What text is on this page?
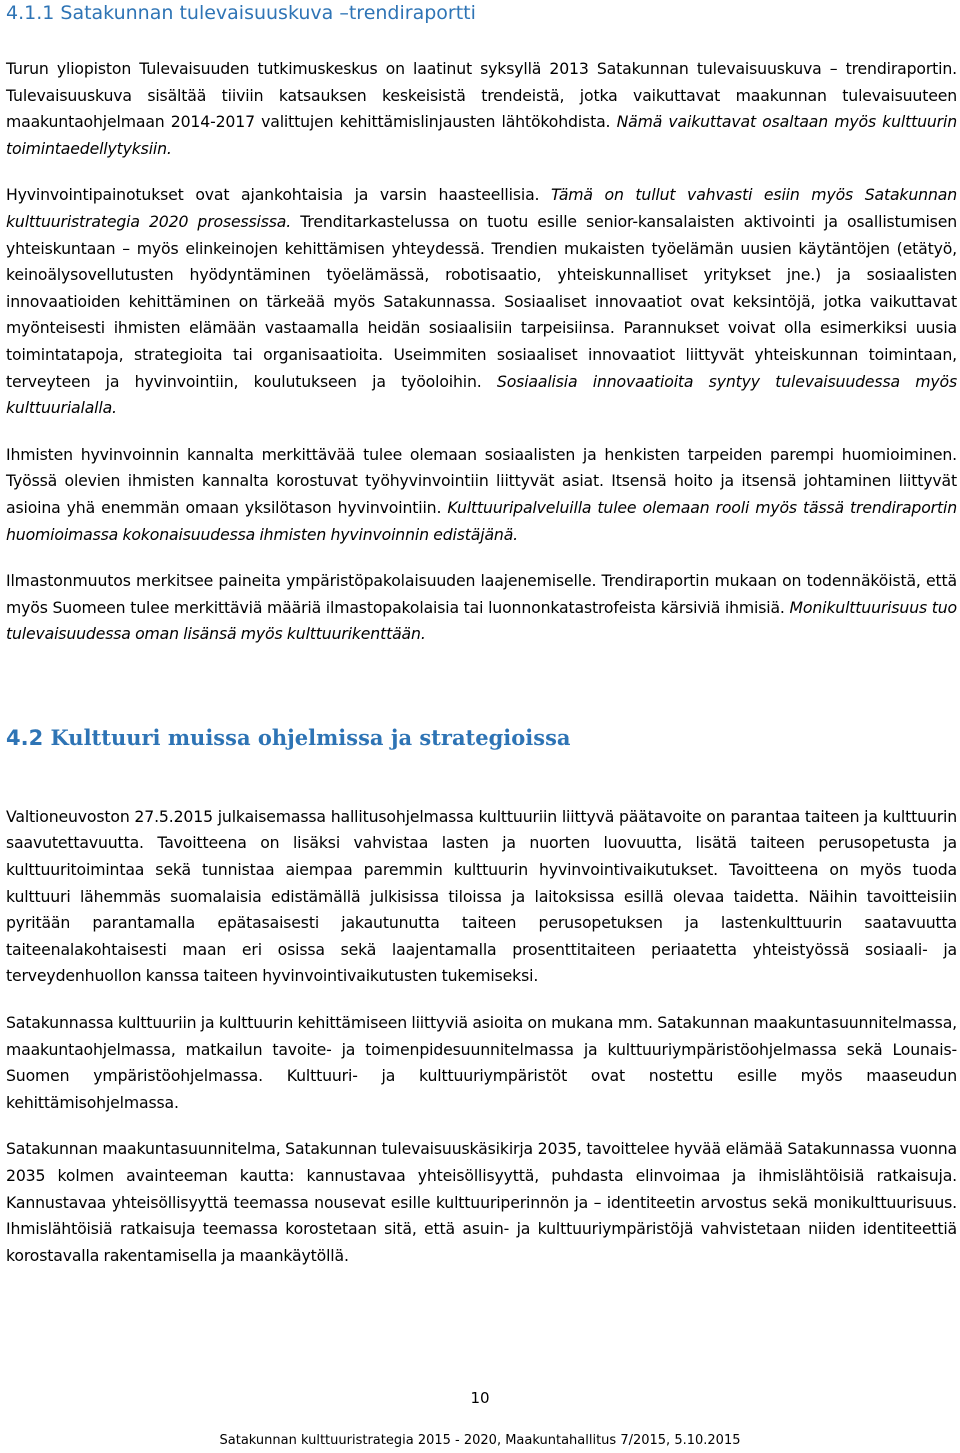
4.1.1 Satakunnan tulevaisuuskuva –trendiraportti

Turun yliopiston Tulevaisuuden tutkimuskeskus on laatinut syksyllä 2013 Satakunnan tulevaisuuskuva – trendiraportin. Tulevaisuuskuva sisältää tiiviin katsauksen keskeisistä trendeistä, jotka vaikuttavat maakunnan tulevaisuuteen maakuntaohjelmaan 2014-2017 valittujen kehittämislinjausten lähtökohdista. Nämä vaikuttavat osaltaan myös kulttuurin toimintaedellytyksiin.

Hyvinvointipainotukset ovat ajankohtaisia ja varsin haasteellisia. Tämä on tullut vahvasti esiin myös Satakunnan kulttuuristrategia 2020 prosessissa. Trenditarkastelussa on tuotu esille senior-kansalaisten aktivointi ja osallistumisen yhteiskuntaan – myös elinkeinojen kehittämisen yhteydessä. Trendien mukaisten työelämän uusien käytäntöjen (etätyö, keinoälysovellutusten hyödyntäminen työelämässä, robotisaatio, yhteiskunnalliset yritykset jne.) ja sosiaalisten innovaatioiden kehittäminen on tärkeää myös Satakunnassa. Sosiaaliset innovaatiot ovat keksintöjä, jotka vaikuttavat myönteisesti ihmisten elämään vastaamalla heidän sosiaalisiin tarpeisiinsa. Parannukset voivat olla esimerkiksi uusia toimintatapoja, strategioita tai organisaatioita. Useimmiten sosiaaliset innovaatiot liittyvät yhteiskunnan toimintaan, terveyteen ja hyvinvointiin, koulutukseen ja työoloihin. Sosiaalisia innovaatioita syntyy tulevaisuudessa myös kulttuurialalla.

Ihmisten hyvinvoinnin kannalta merkittävää tulee olemaan sosiaalisten ja henkisten tarpeiden parempi huomioiminen. Työssä olevien ihmisten kannalta korostuvat työhyvinvointiin liittyvät asiat. Itsensä hoito ja itsensä johtaminen liittyvät asioina yhä enemmän omaan yksilötason hyvinvointiin. Kulttuuripalveluilla tulee olemaan rooli myös tässä trendiraportin huomioimassa kokonaisuudessa ihmisten hyvinvoinnin edistäjänä.

Ilmastonmuutos merkitsee paineita ympäristöpakolaisuuden laajenemiselle. Trendiraportin mukaan on todennäköistä, että myös Suomeen tulee merkittäviä määriä ilmastopakolaisia tai luonnonkatastrofeista kärsiviä ihmisiä. Monikulttuurisuus tuo tulevaisuudessa oman lisänsä myös kulttuurikenttään.

4.2 Kulttuuri muissa ohjelmissa ja strategioissa

Valtioneuvoston 27.5.2015 julkaisemassa hallitusohjelmassa kulttuuriin liittyvä päätavoite on parantaa taiteen ja kulttuurin saavutettavuutta. Tavoitteena on lisäksi vahvistaa lasten ja nuorten luovuutta, lisätä taiteen perusopetusta ja kulttuuritoimintaa sekä tunnistaa aiempaa paremmin kulttuurin hyvinvointivaikutukset. Tavoitteena on myös tuoda kulttuuri lähemmäs suomalaisia edistämällä julkisissa tiloissa ja laitoksissa esillä olevaa taidetta. Näihin tavoitteisiin pyritään parantamalla epätasaisesti jakautunutta taiteen perusopetuksen ja lastenkulttuurin saatavuutta taiteenalakohtaisesti maan eri osissa sekä laajentamalla prosenttitaiteen periaatetta yhteistyössä sosiaali- ja terveydenhuollon kanssa taiteen hyvinvointivaikutusten tukemiseksi.

Satakunnassa kulttuuriin ja kulttuurin kehittämiseen liittyviä asioita on mukana mm. Satakunnan maakuntasuunnitelmassa, maakuntaohjelmassa, matkailun tavoite- ja toimenpidesuunnitelmassa ja kulttuuriympäristöohjelmassa sekä Lounais-Suomen ympäristöohjelmassa. Kulttuuri- ja kulttuuriympäristöt ovat nostettu esille myös maaseudun kehittämisohjelmassa.

Satakunnan maakuntasuunnitelma, Satakunnan tulevaisuuskäsikirja 2035, tavoittelee hyvää elämää Satakunnassa vuonna 2035 kolmen avainteeman kautta: kannustavaa yhteisöllisyyttä, puhdasta elinvoimaa ja ihmislähtöisiä ratkaisuja. Kannustavaa yhteisöllisyyttä teemassa nousevat esille kulttuuriperinnön ja – identiteetin arvostus sekä monikulttuurisuus. Ihmislähtöisiä ratkaisuja teemassa korostetaan sitä, että asuin- ja kulttuuriympäristöjä vahvistetaan niiden identiteettiä korostavalla rakentamisella ja maankäytöllä.

10
Satakunnan kulttuuristrategia 2015 - 2020, Maakuntahallitus 7/2015, 5.10.2015
